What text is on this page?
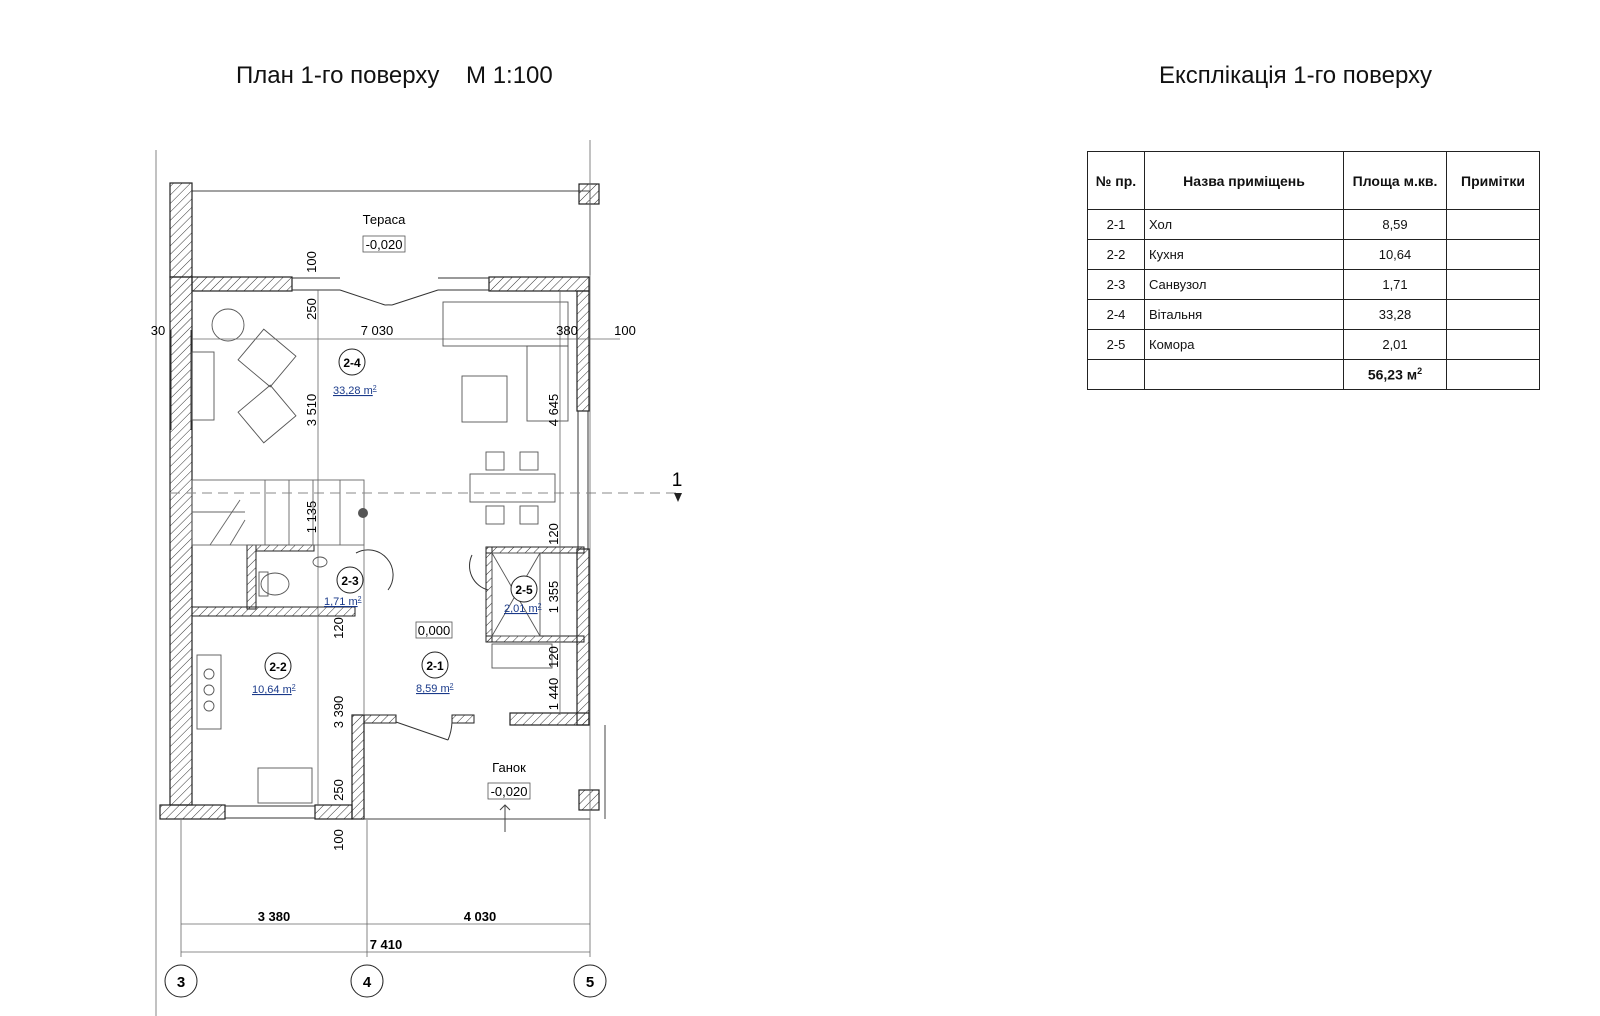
План 1-го поверху    М 1:100	Експлікація 1-го поверху
1
Тераса
-0,020
Ганок
-0,020
0,000
2-4
33,28 $m^2$
2-3
1,71 $m^2$
2-5
2,01 $m^2$
2-2
10,64 $m^2$
2-1
8,59 $m^2$
7 030	380	100
30
3 380	4 030
7 410
100
250
3 510
1 135
120
3 390
250
100
4 645
120
1 355
120
1 440
3	4	5
№ пр.	Назва приміщень	Площа м.кв.	Примітки
2-1	Хол	8,59	
2-2	Кухня	10,64	
2-3	Санвузол	1,71	
2-4	Вітальня	33,28	
2-5	Комора	2,01	
		56,23 $м^2$	
